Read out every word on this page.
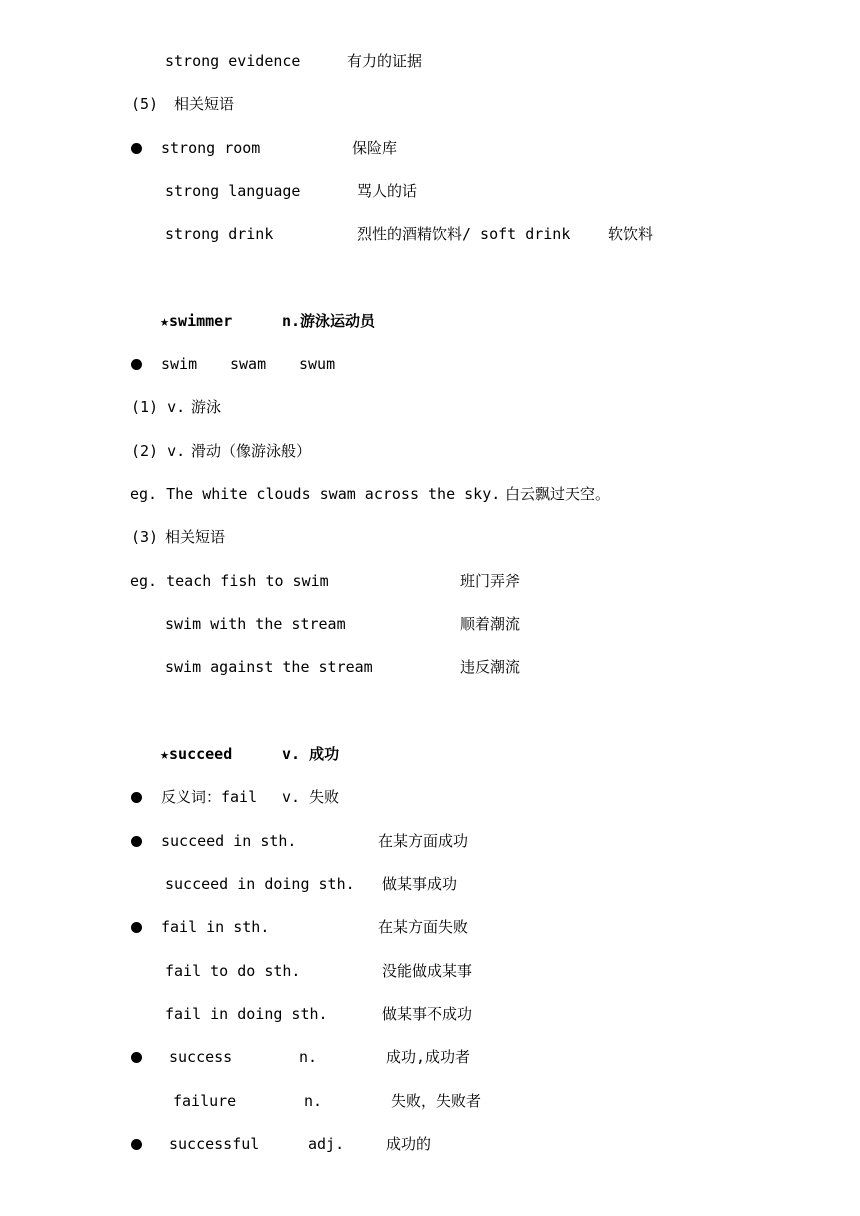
strong evidence	有力的证据
(5) 相关短语
strong room	保险库
strong language	骂人的话
strong drink	烈性的酒精饮料/ soft drink	软饮料
★swimmer	n.游泳运动员
swim swam swum
(1) v. 游泳
(2) v. 滑动（像游泳般）
eg. The white clouds swam across the sky. 白云飘过天空。
(3) 相关短语
eg. teach fish to swim	班门弄斧
swim with the stream	顺着潮流
swim against the stream	违反潮流
★succeed	v. 成功
反义词：fail v. 失败
succeed in sth.	在某方面成功
succeed in doing sth. 做某事成功
fail in sth.	在某方面失败
fail to do sth.	没能做成某事
fail in doing sth.	做某事不成功
success	n.	成功,成功者
failure	n.	失败，失败者
successful	adj.	成功的
